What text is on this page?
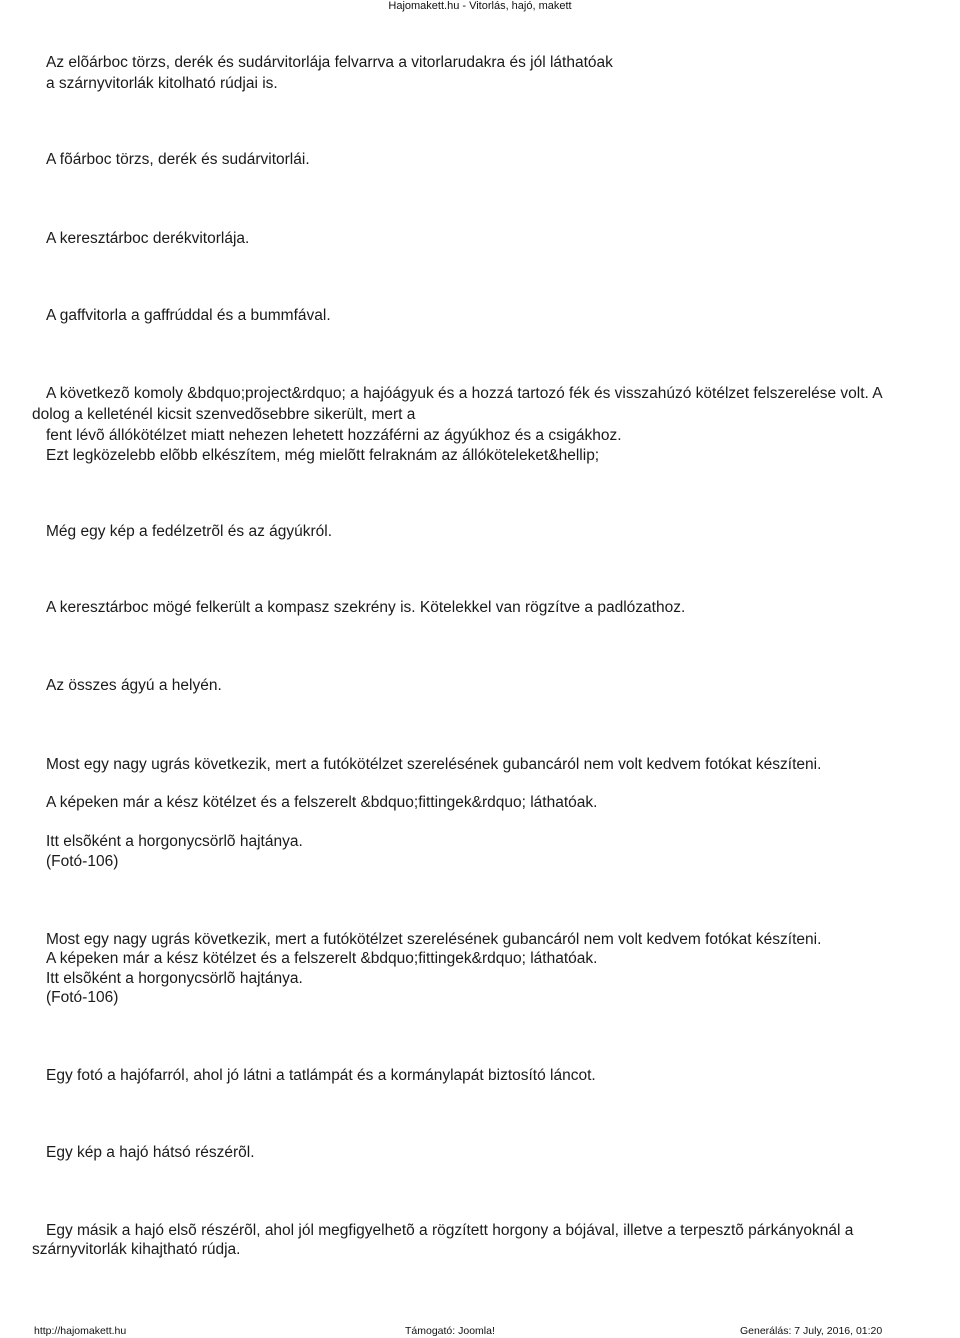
Hajomakett.hu - Vitorlás, hajó, makett
Az elõárboc törzs, derék és sudárvitorlája felvarrva a vitorlarudakra és jól láthatóak
a szárnyvitorlák kitolható rúdjai is.
A fõárboc törzs, derék és sudárvitorlái.
A keresztárboc derékvitorlája.
A gaffvitorla a gaffrúddal és a bummfával.
A következõ komoly &bdquo;project&rdquo; a hajóágyuk és a hozzá tartozó fék és visszahúzó kötélzet felszerelése volt. A
dolog a kelleténél kicsit szenvedõsebbre sikerült, mert a
fent lévõ állókötélzet miatt nehezen lehetett hozzáférni az ágyúkhoz és a csigákhoz.
Ezt legközelebb elõbb elkészítem, még mielõtt felraknám az állóköteleket&hellip;
Még egy kép a fedélzetrõl és az ágyúkról.
A keresztárboc mögé felkerült a kompasz szekrény is. Kötelekkel van rögzítve a padlózathoz.
Az összes ágyú a helyén.
Most egy nagy ugrás következik, mert a futókötélzet szerelésének gubancáról nem volt kedvem fotókat készíteni.
A képeken már a kész kötélzet és a felszerelt &bdquo;fittingek&rdquo; láthatóak.
Itt elsõként a horgonycsörlõ hajtánya.
(Fotó-106)
Most egy nagy ugrás következik, mert a futókötélzet szerelésének gubancáról nem volt kedvem fotókat készíteni.
A képeken már a kész kötélzet és a felszerelt &bdquo;fittingek&rdquo; láthatóak.
Itt elsõként a horgonycsörlõ hajtánya.
(Fotó-106)
Egy fotó a hajófarról, ahol jó látni a tatlámpát és a kormánylapát biztosító láncot.
Egy kép a hajó hátsó részérõl.
Egy másik a hajó elsõ részérõl, ahol jól megfigyelhetõ a rögzített horgony a bójával, illetve a terpesztõ párkányoknál a
szárnyvitorlák kihajtható rúdja.
http://hajomakett.hu	Támogató: Joomla!	Generálás: 7 July, 2016, 01:20
